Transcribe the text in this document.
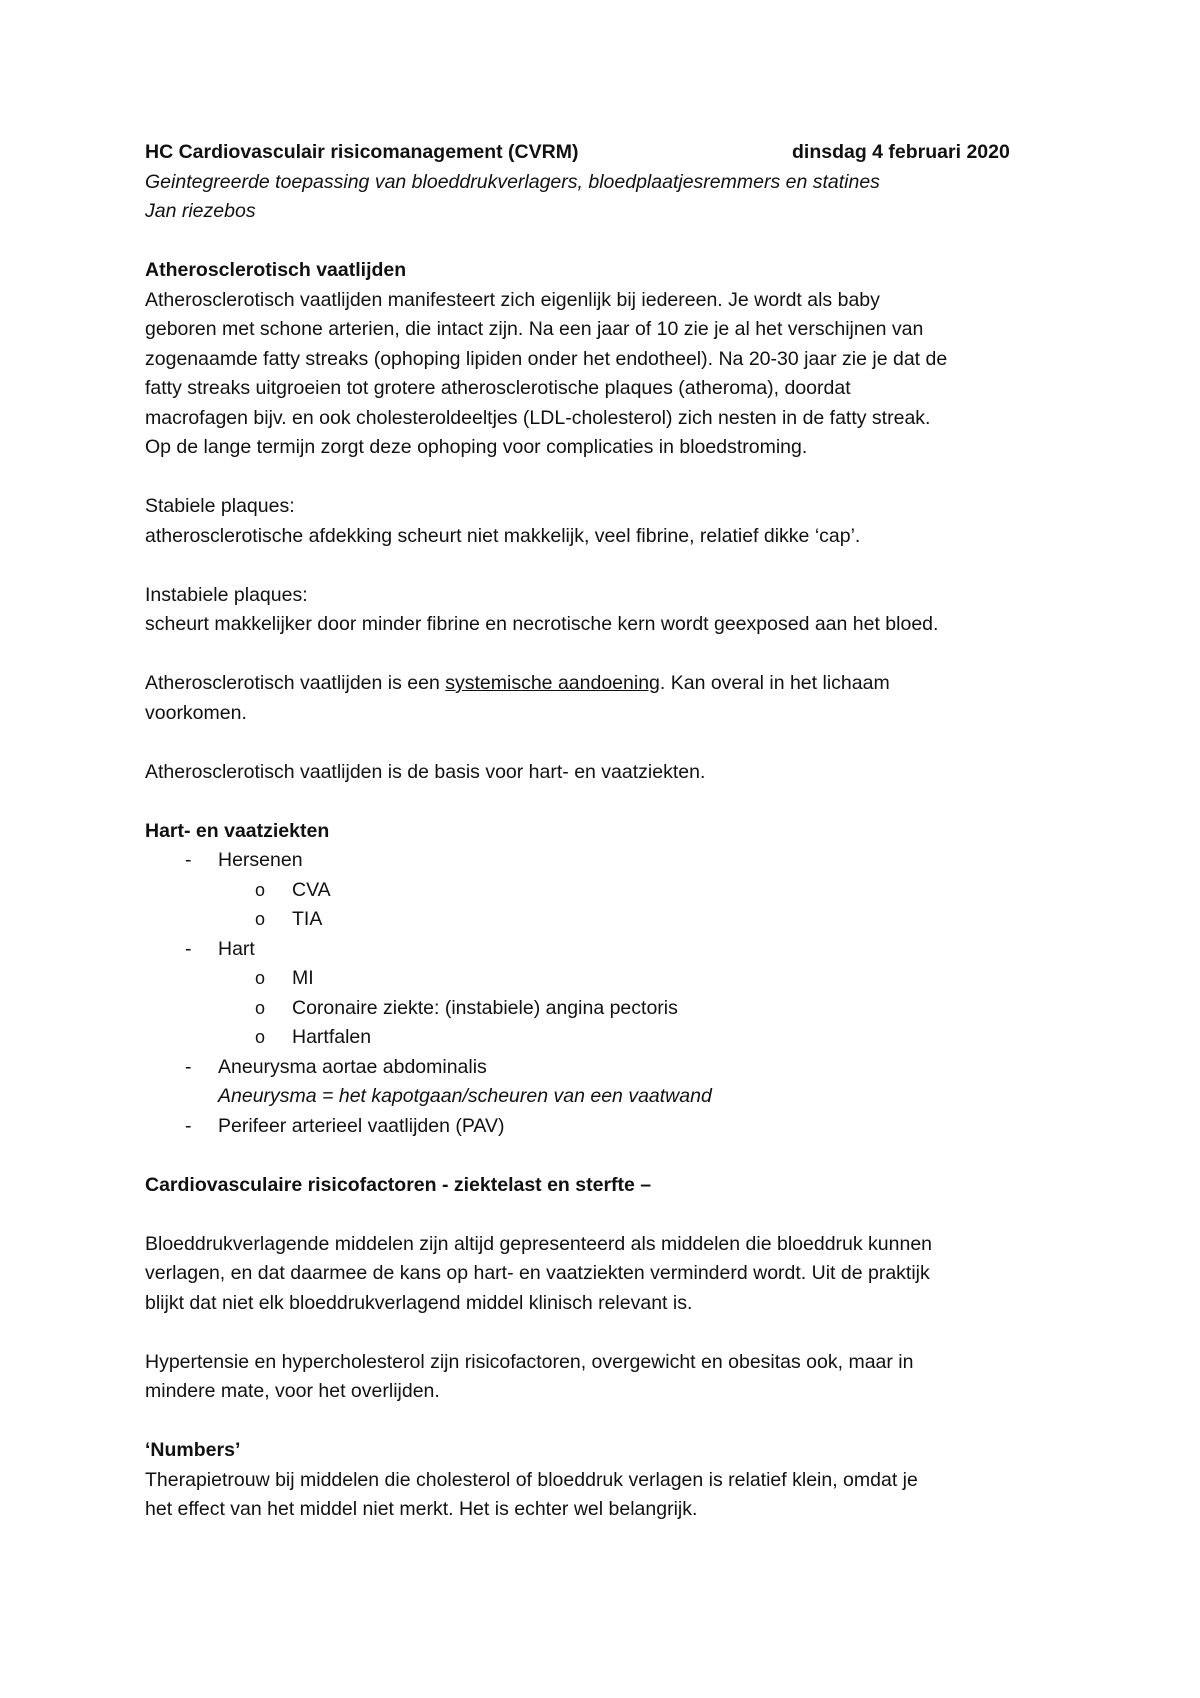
HC Cardiovasculair risicomanagement (CVRM)	dinsdag 4 februari 2020
Geintegreerde toepassing van bloeddrukverlagers, bloedplaatjesremmers en statines
Jan riezebos
Atherosclerotisch vaatlijden
Atherosclerotisch vaatlijden manifesteert zich eigenlijk bij iedereen. Je wordt als baby
geboren met schone arterien, die intact zijn. Na een jaar of 10 zie je al het verschijnen van
zogenaamde fatty streaks (ophoping lipiden onder het endotheel). Na 20-30 jaar zie je dat de
fatty streaks uitgroeien tot grotere atherosclerotische plaques (atheroma), doordat
macrofagen bijv. en ook cholesteroldeeltjes (LDL-cholesterol) zich nesten in de fatty streak.
Op de lange termijn zorgt deze ophoping voor complicaties in bloedstroming.
Stabiele plaques:
atherosclerotische afdekking scheurt niet makkelijk, veel fibrine, relatief dikke ‘cap’.
Instabiele plaques:
scheurt makkelijker door minder fibrine en necrotische kern wordt geexposed aan het bloed.
Atherosclerotisch vaatlijden is een systemische aandoening. Kan overal in het lichaam
voorkomen.
Atherosclerotisch vaatlijden is de basis voor hart- en vaatziekten.
Hart- en vaatziekten
- Hersenen
o CVA
o TIA
- Hart
o MI
o Coronaire ziekte: (instabiele) angina pectoris
o Hartfalen
- Aneurysma aortae abdominalis
Aneurysma = het kapotgaan/scheuren van een vaatwand
- Perifeer arterieel vaatlijden (PAV)
Cardiovasculaire risicofactoren - ziektelast en sterfte –
Bloeddrukverlagende middelen zijn altijd gepresenteerd als middelen die bloeddruk kunnen
verlagen, en dat daarmee de kans op hart- en vaatziekten verminderd wordt. Uit de praktijk
blijkt dat niet elk bloeddrukverlagend middel klinisch relevant is.
Hypertensie en hypercholesterol zijn risicofactoren, overgewicht en obesitas ook, maar in
mindere mate, voor het overlijden.
‘Numbers’
Therapietrouw bij middelen die cholesterol of bloeddruk verlagen is relatief klein, omdat je
het effect van het middel niet merkt. Het is echter wel belangrijk.
